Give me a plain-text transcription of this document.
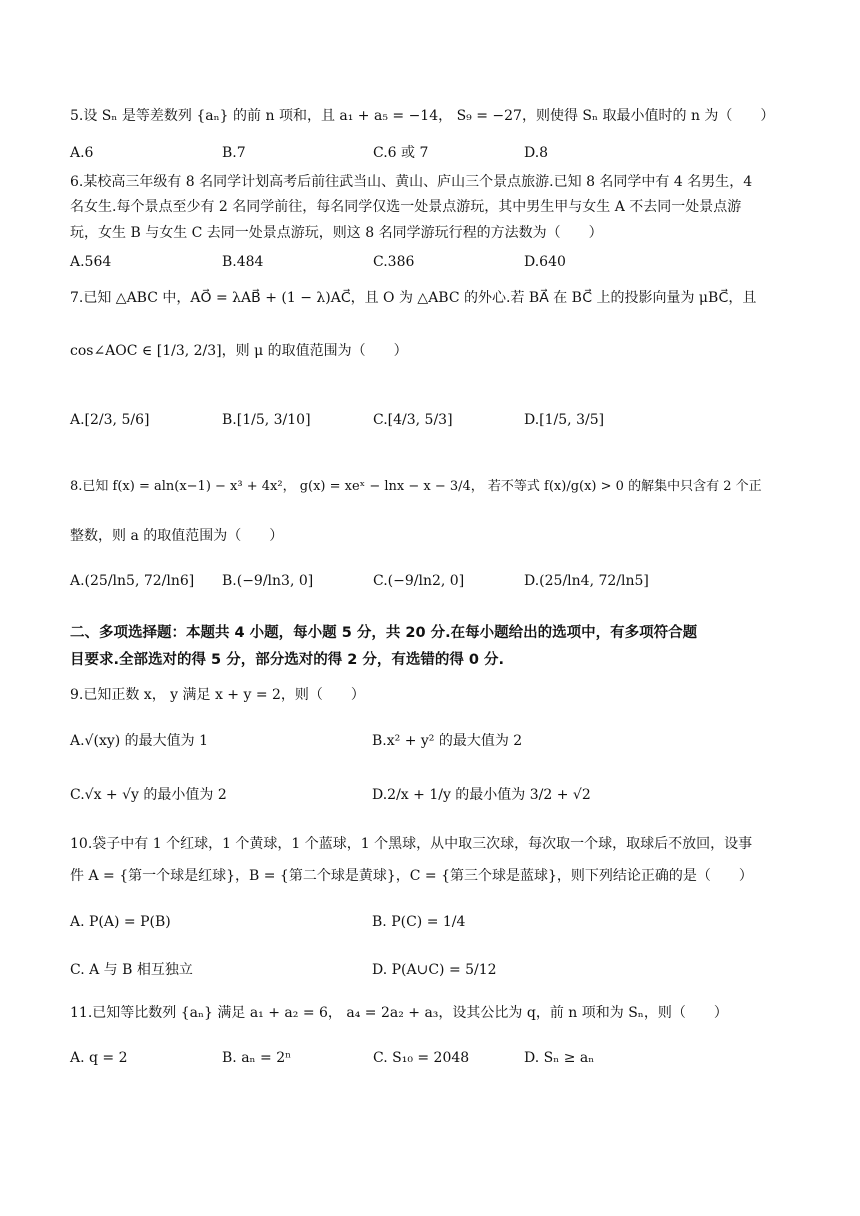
5.设 Sₙ 是等差数列 {aₙ} 的前 n 项和，且 a₁ + a₅ = −14， S₉ = −27，则使得 Sₙ 取最小值时的 n 为（　　）
A.6	B.7	C.6 或 7	D.8
6.某校高三年级有 8 名同学计划高考后前往武当山、黄山、庐山三个景点旅游.已知 8 名同学中有 4 名男生，4
名女生.每个景点至少有 2 名同学前往，每名同学仅选一处景点游玩，其中男生甲与女生 A 不去同一处景点游
玩，女生 B 与女生 C 去同一处景点游玩，则这 8 名同学游玩行程的方法数为（　　）
A.564	B.484	C.386	D.640
7.已知 △ABC 中，AO⃗ = λAB⃗ + (1 − λ)AC⃗，且 O 为 △ABC 的外心.若 BA⃗ 在 BC⃗ 上的投影向量为 μBC⃗，且
cos∠AOC ∈ [1/3, 2/3]，则 μ 的取值范围为（　　）
A.[2/3, 5/6]	B.[1/5, 3/10]	C.[4/3, 5/3]	D.[1/5, 3/5]
8.已知 f(x) = aln(x−1) − x³ + 4x²， g(x) = xeˣ − lnx − x − 3/4， 若不等式 f(x)/g(x) > 0 的解集中只含有 2 个正
整数，则 a 的取值范围为（　　）
A.(25/ln5, 72/ln6] B.(−9/ln3, 0]	C.(−9/ln2, 0]	D.(25/ln4, 72/ln5]
二、多项选择题：本题共 4 小题，每小题 5 分，共 20 分.在每小题给出的选项中，有多项符合题
目要求.全部选对的得 5 分，部分选对的得 2 分，有选错的得 0 分.
9.已知正数 x， y 满足 x + y = 2，则（　　）
A.√(xy) 的最大值为 1	B.x² + y² 的最大值为 2
C.√x + √y 的最小值为 2	D.2/x + 1/y 的最小值为 3/2 + √2
10.袋子中有 1 个红球，1 个黄球，1 个蓝球，1 个黑球，从中取三次球，每次取一个球，取球后不放回，设事
件 A = {第一个球是红球}，B = {第二个球是黄球}，C = {第三个球是蓝球}，则下列结论正确的是（　　）
A. P(A) = P(B)	B. P(C) = 1/4
C. A 与 B 相互独立	D. P(A∪C) = 5/12
11.已知等比数列 {aₙ} 满足 a₁ + a₂ = 6， a₄ = 2a₂ + a₃，设其公比为 q，前 n 项和为 Sₙ，则（　　）
A. q = 2	B. aₙ = 2ⁿ	C. S₁₀ = 2048	D. Sₙ ≥ aₙ
